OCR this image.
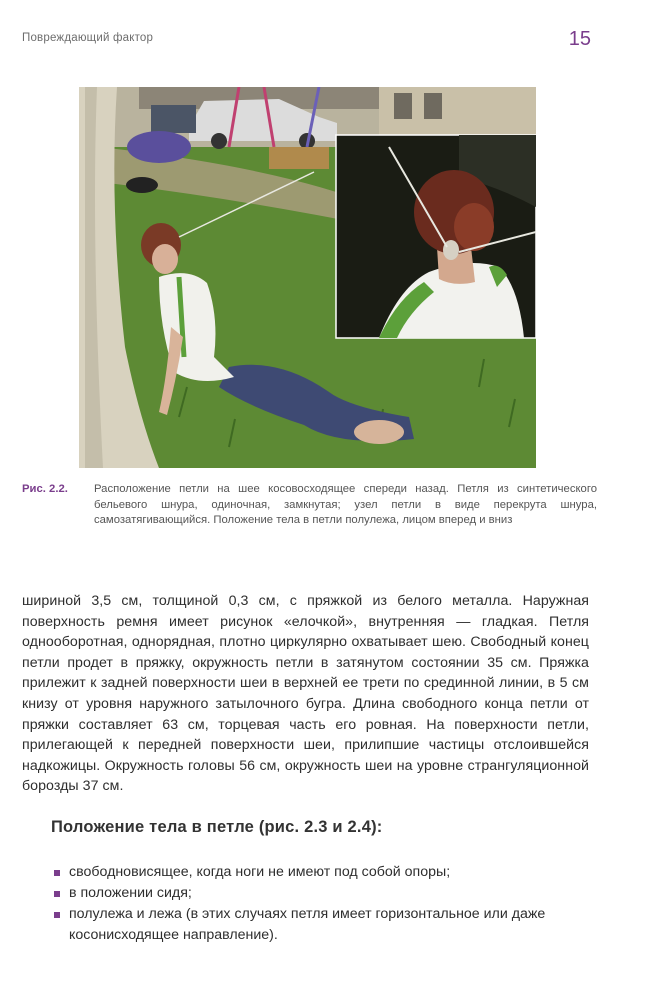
Повреждающий фактор	15
Рис. 2.2.	Расположение петли на шее косовосходящее спереди назад. Петля из синтетического бельевого шнура, одиночная, замкнутая; узел петли в виде перекрута шнура, самозатягивающийся. Положение тела в петли полулежа, лицом вперед и вниз
шириной 3,5 см, толщиной 0,3 см, с пряжкой из белого металла. Наружная поверхность ремня имеет рисунок «елочкой», внутренняя — гладкая. Петля однооборотная, однорядная, плотно циркулярно охватывает шею. Свободный конец петли продет в пряжку, окружность петли в затянутом состоянии 35 см. Пряжка прилежит к задней поверхности шеи в верхней ее трети по срединной линии, в 5 см книзу от уровня наружного затылочного бугра. Длина свободного конца петли от пряжки составляет 63 см, торцевая часть его ровная. На поверхности петли, прилегающей к передней поверхности шеи, прилипшие частицы отслоившейся надкожицы. Окружность головы 56 см, окружность шеи на уровне странгуляционной борозды 37 см.
Положение тела в петле (рис. 2.3 и 2.4):
свободновисящее, когда ноги не имеют под собой опоры;
в положении сидя;
полулежа и лежа (в этих случаях петля имеет горизонтальное или даже косонисходящее направление).
